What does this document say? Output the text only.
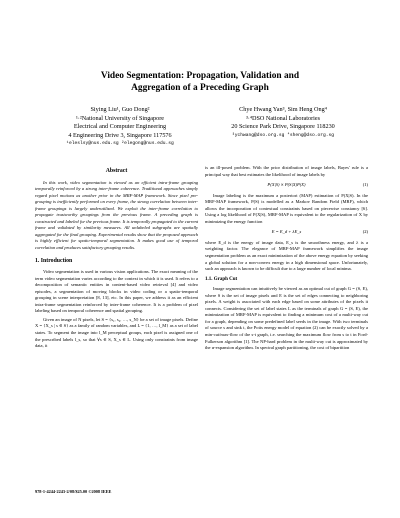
Video Segmentation: Propagation, Validation and
Aggregation of a Preceding Graph
Siying Liu¹, Guo Dong²
¹·²National University of Singapore
Electrical and Computer Engineering
4 Engineering Drive 3, Singapore 117576
¹eleslsy@nus.edu.sg ²elegong@nus.edu.sg
Chye Hwang Yan³, Sim Heng Ong⁴
³·⁴DSO National Laboratories
20 Science Park Drive, Singapore 118230
³ychwang@dso.org.sg ⁴sheng@dso.org.sg
Abstract

In this work, video segmentation is viewed as an efficient intra-frame grouping temporally reinforced by a strong inter-frame coherence. Traditional approaches simply regard pixel motions as another prior in the MRF-MAP framework. Since pixel pre-grouping is inefficiently performed on every frame, the strong correlation between inter-frame groupings is largely underutilized. We exploit the inter-frame correlation to propagate trustworthy groupings from the previous frame. A preceding graph is constructed and labeled for the previous frame. It is temporally propagated to the current frame and validated by similarity measures. All unlabeled subgraphs are spatially aggregated for the final grouping. Experimental results show that the proposed approach is highly efficient for spatio-temporal segmentation. It makes good use of temporal correlation and produces satisfactory grouping results.

1. Introduction

Video segmentation is used in various vision applications. The exact meaning of the term video segmentation varies according to the context in which it is used. It refers to a decomposition of semantic entities in content-based video retrieval [4] and video episodes, a segmentation of moving blocks in video coding or a spatio-temporal grouping in scene interpretation [8, 13], etc. In this paper, we address it as an efficient intra-frame segmentation reinforced by inter-frame coherence. It is a problem of pixel labeling based on temporal coherence and spatial grouping.

Given an image of N pixels, let S = {s₁, s₂, …, s_N} be a set of image pixels. Define X = {X_s | s ∈ S} as a family of random variables, and L = {1, …, l_M} as a set of label states. To segment the image into l_M perceptual groups, each pixel is assigned one of the prescribed labels l_s, so that ∀s ∈ S, X_s ∈ L. Using only constraints from image data, it

is an ill-posed problem. With the prior distribution of image labels, Bayes' rule is a principal way that best estimates the likelihood of image labels by

P(X|S) ∝ P(S|X)P(X)	(1)

Image labeling is the maximum a posteriori (MAP) estimation of P(X|S). In the MRF-MAP framework, P(S) is modelled as a Markov Random Field (MRF), which allows the incorporation of contextual constraints based on piecewise constancy [6]. Using a log likelihood of P(X|S), MRF-MAP is equivalent to the regularization of X by minimizing the energy function

E = E_d + λE_s	(2)

where E_d is the energy of image data, E_s is the smoothness energy, and λ is a weighting factor. The elegance of MRF-MAP framework simplifies the image segmentation problem as an exact minimization of the above energy equation by seeking a global solution for a non-convex energy in a high dimensional space. Unfortunately, such an approach is known to be difficult due to a large number of local minima.

1.1. Graph Cut

Image segmentation can intuitively be viewed as an optimal cut of graph G = (S, E), where S is the set of image pixels and E is the set of edges connecting to neighboring pixels. A weight is associated with each edge based on some attributes of the pixels it connects. Considering the set of label states L as the terminals of graph G = (S, E), the minimization of MRF-MAP is equivalent to finding a minimum cost of a multi-way cut for a graph, depending on some predefined label seeds in the image. With two terminals of source s and sink t, the Potts energy model of equation (2) can be exactly solved by a min-cut/max-flow of the s-t graph, i.e. searching the maximum flow from s to t in Ford-Fulkerson algorithm [1]. The NP-hard problem in the multi-way cut is approximated by the α-expansion algorithm. In spectral graph partitioning, the cost of bipartition

978-1-4244-2243-2/08/$25.00 ©2008 IEEE
